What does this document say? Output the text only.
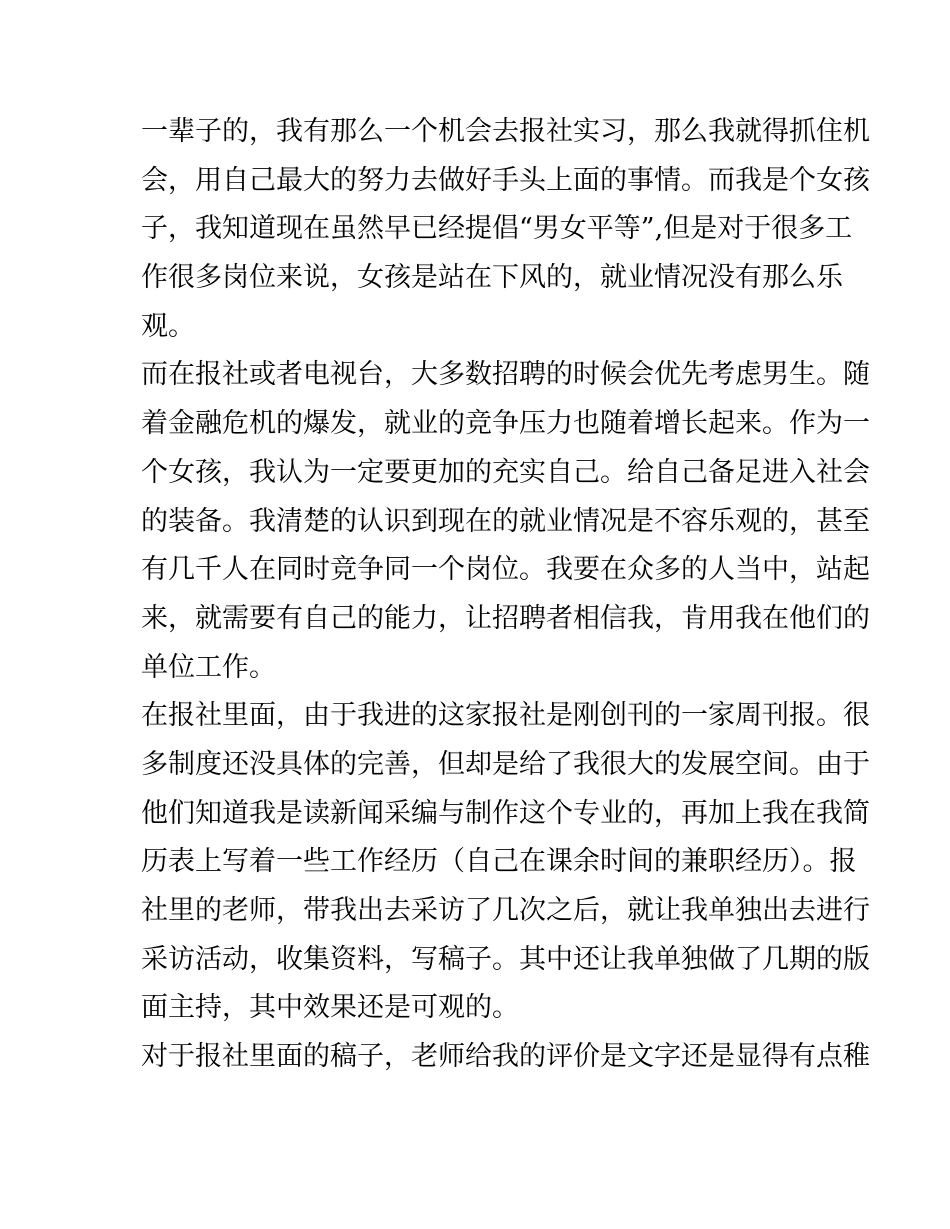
一辈子的，我有那么一个机会去报社实习，那么我就得抓住机
会，用自己最大的努力去做好手头上面的事情。而我是个女孩
子，我知道现在虽然早已经提倡“男女平等”,但是对于很多工
作很多岗位来说，女孩是站在下风的，就业情况没有那么乐
观。
而在报社或者电视台，大多数招聘的时候会优先考虑男生。随
着金融危机的爆发，就业的竞争压力也随着增长起来。作为一
个女孩，我认为一定要更加的充实自己。给自己备足进入社会
的装备。我清楚的认识到现在的就业情况是不容乐观的，甚至
有几千人在同时竞争同一个岗位。我要在众多的人当中，站起
来，就需要有自己的能力，让招聘者相信我，肯用我在他们的
单位工作。
在报社里面，由于我进的这家报社是刚创刊的一家周刊报。很
多制度还没具体的完善，但却是给了我很大的发展空间。由于
他们知道我是读新闻采编与制作这个专业的，再加上我在我简
历表上写着一些工作经历（自己在课余时间的兼职经历）。报
社里的老师，带我出去采访了几次之后，就让我单独出去进行
采访活动，收集资料，写稿子。其中还让我单独做了几期的版
面主持，其中效果还是可观的。
对于报社里面的稿子，老师给我的评价是文字还是显得有点稚
